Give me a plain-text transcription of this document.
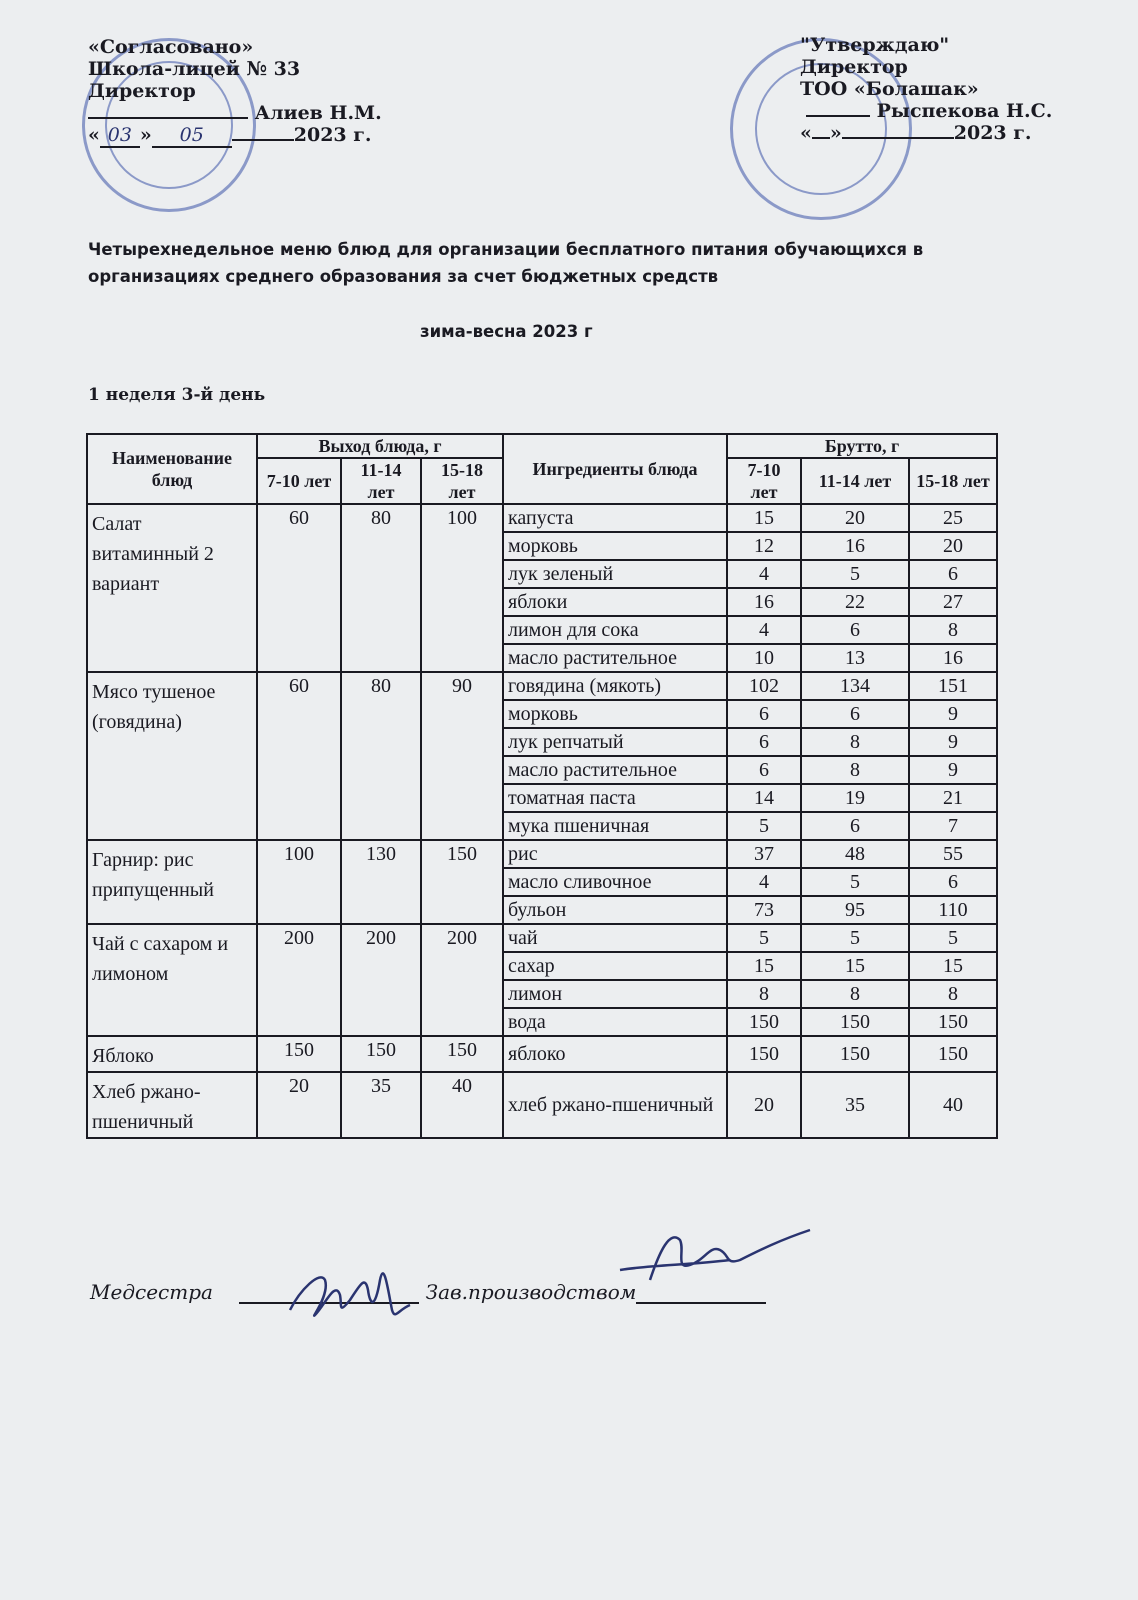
«Согласовано»
Школа-лицей № 33
Директор
Алиев Н.М.
« 03 » 05	2023 г.
"Утверждаю"
Директор
ТОО «Болашак»
Рыспекова Н.С.
« »	2023 г.
Четырехнедельное меню блюд для организации бесплатного питания обучающихся в организациях среднего образования за счет бюджетных средств
зима-весна 2023 г
1 неделя 3-й день
Наименование блюд	Выход блюда, г			Ингредиенты блюда	Брутто, г		
	7-10 лет	11-14 лет	15-18 лет		7-10 лет	11-14 лет	15-18 лет
Салат витаминный 2 вариант	60	80	100	капуста	15	20	25
				морковь	12	16	20
				лук зеленый	4	5	6
				яблоки	16	22	27
				лимон для сока	4	6	8
				масло растительное	10	13	16
Мясо тушеное (говядина)	60	80	90	говядина (мякоть)	102	134	151
				морковь	6	6	9
				лук репчатый	6	8	9
				масло растительное	6	8	9
				томатная паста	14	19	21
				мука пшеничная	5	6	7
Гарнир: рис припущенный	100	130	150	рис	37	48	55
				масло сливочное	4	5	6
				бульон	73	95	110
Чай с сахаром и лимоном	200	200	200	чай	5	5	5
				сахар	15	15	15
				лимон	8	8	8
				вода	150	150	150
Яблоко	150	150	150	яблоко	150	150	150
Хлеб ржано-пшеничный	20	35	40	хлеб ржано-пшеничный	20	35	40
Медсестра	Зав.производством
